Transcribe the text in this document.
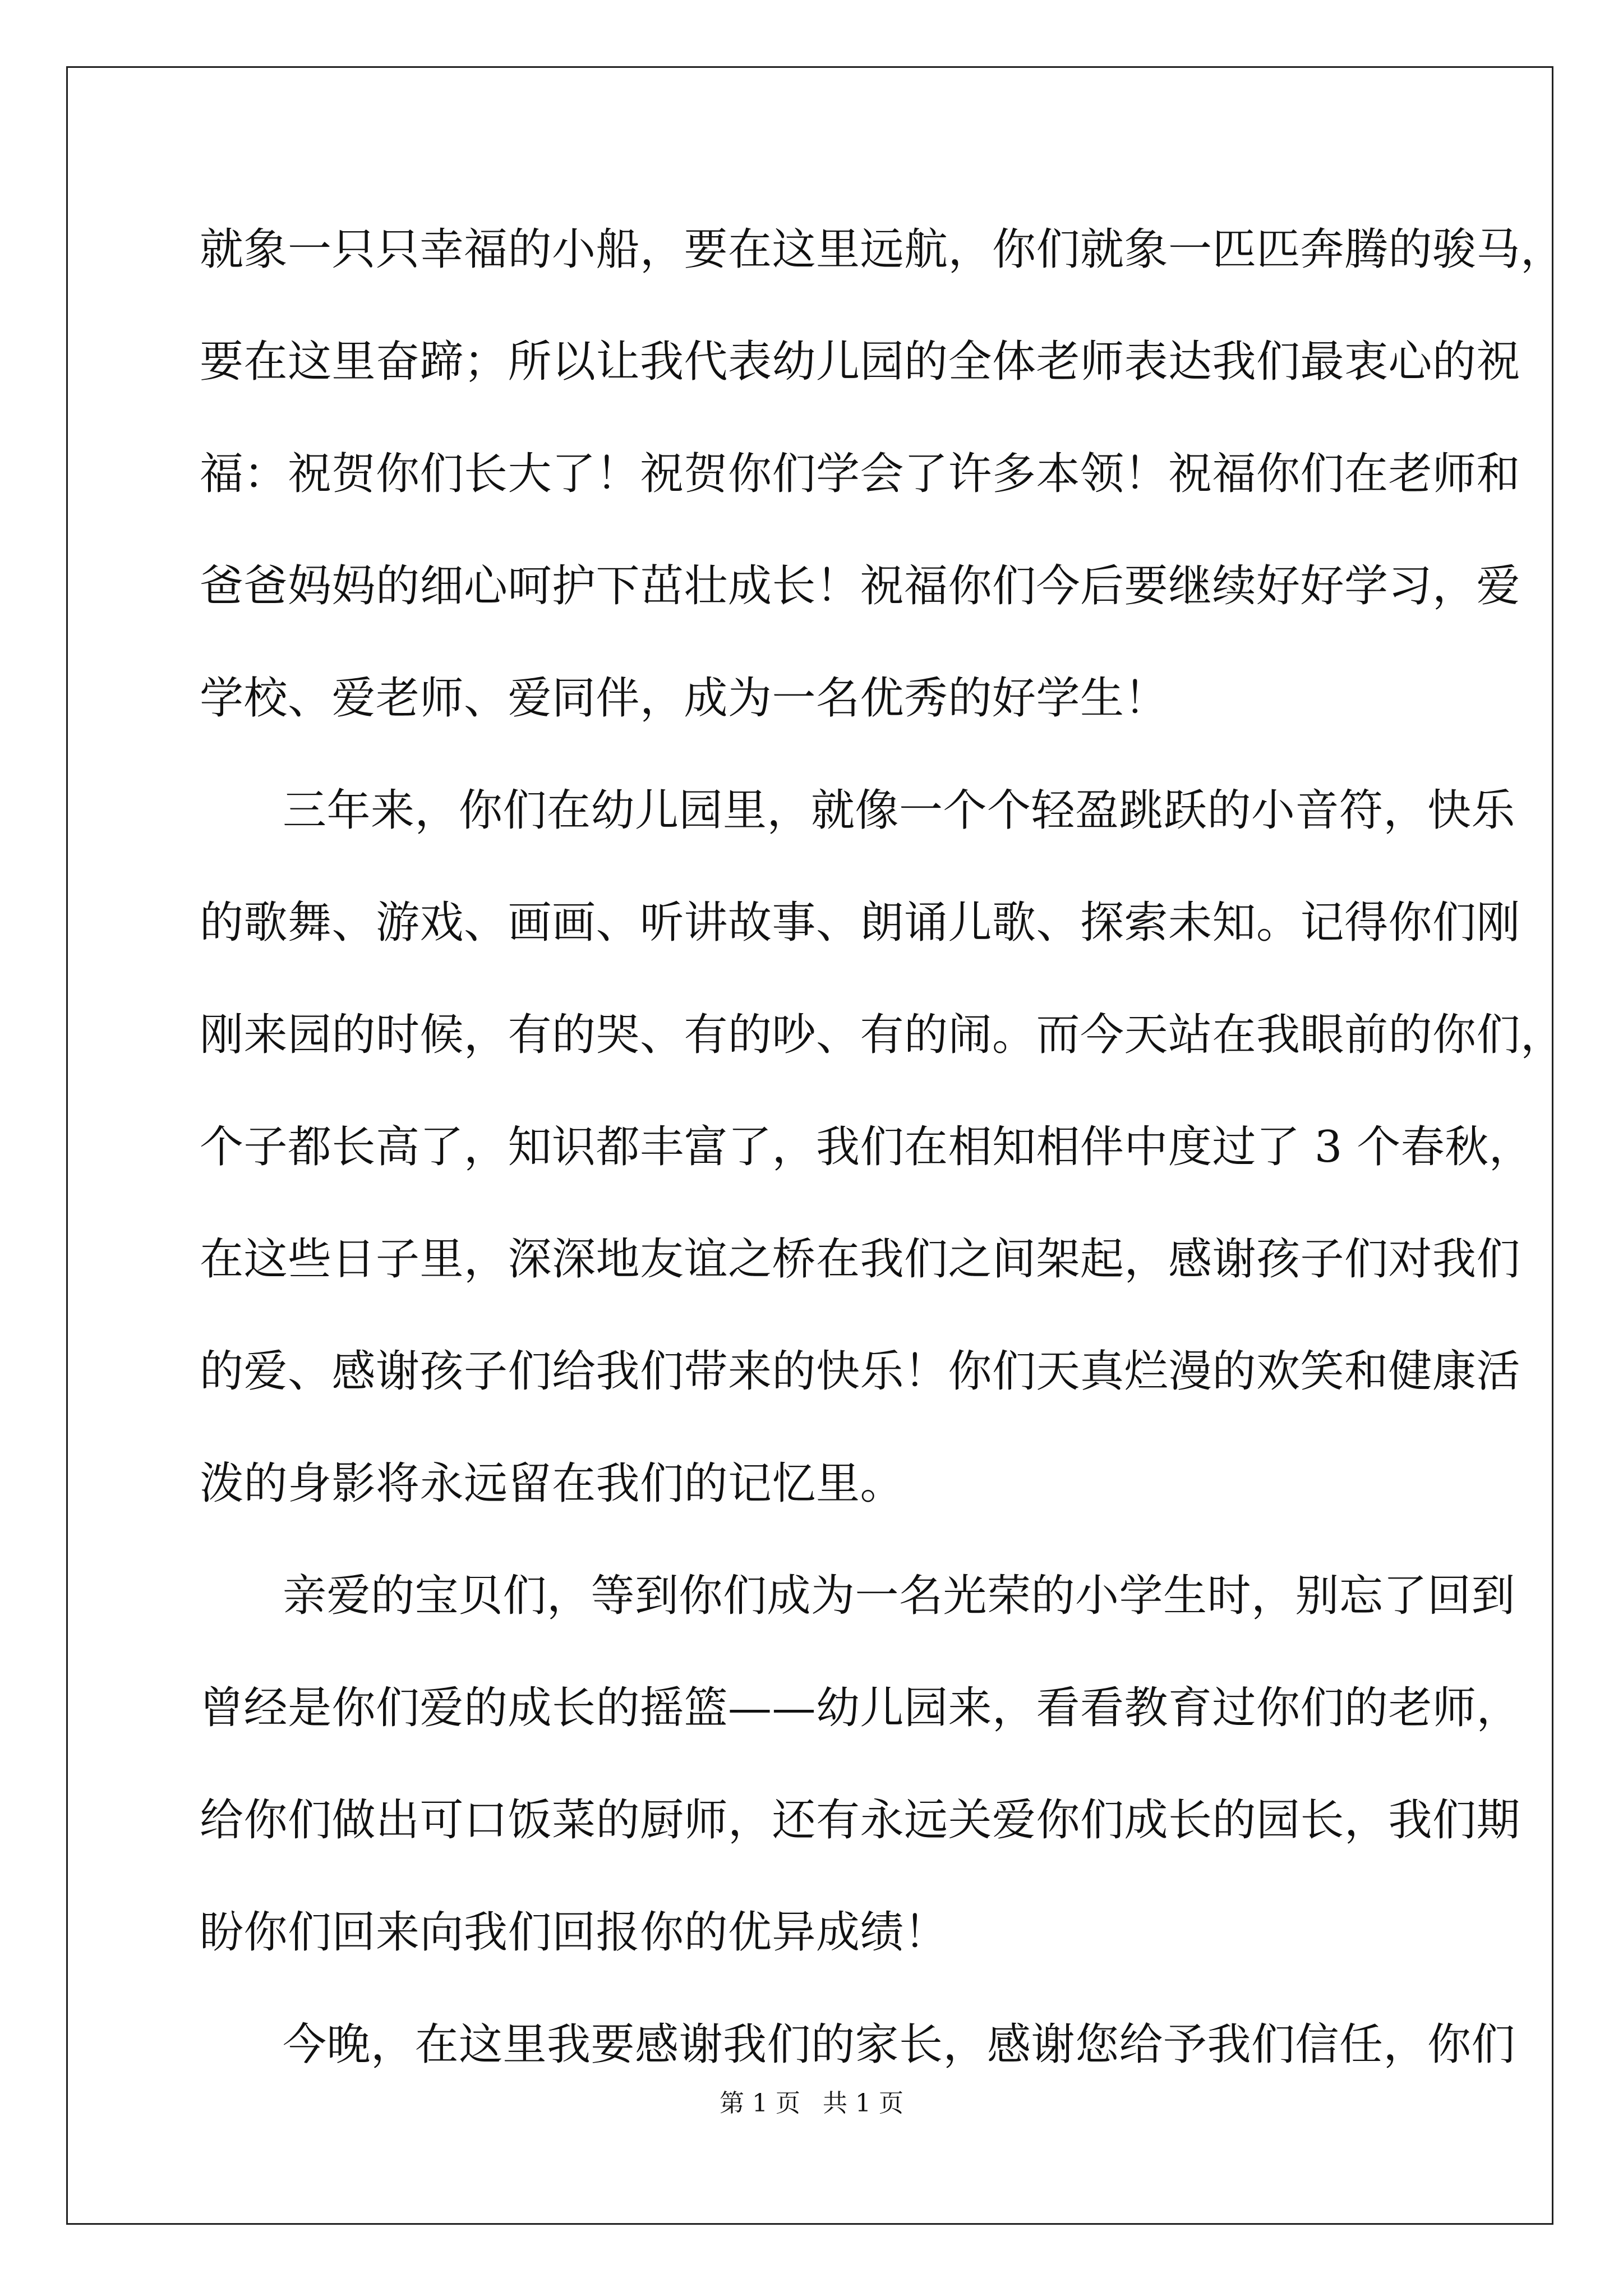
就象一只只幸福的小船，要在这里远航，你们就象一匹匹奔腾的骏马，
要在这里奋蹄；所以让我代表幼儿园的全体老师表达我们最衷心的祝
福：祝贺你们长大了！祝贺你们学会了许多本领！祝福你们在老师和
爸爸妈妈的细心呵护下茁壮成长！祝福你们今后要继续好好学习，爱
学校、爱老师、爱同伴，成为一名优秀的好学生！
三年来，你们在幼儿园里，就像一个个轻盈跳跃的小音符，快乐
的歌舞、游戏、画画、听讲故事、朗诵儿歌、探索未知。记得你们刚
刚来园的时候，有的哭、有的吵、有的闹。而今天站在我眼前的你们，
个子都长高了，知识都丰富了，我们在相知相伴中度过了 3 个春秋，
在这些日子里，深深地友谊之桥在我们之间架起，感谢孩子们对我们
的爱、感谢孩子们给我们带来的快乐！你们天真烂漫的欢笑和健康活
泼的身影将永远留在我们的记忆里。
亲爱的宝贝们，等到你们成为一名光荣的小学生时，别忘了回到
曾经是你们爱的成长的摇篮——幼儿园来，看看教育过你们的老师，
给你们做出可口饭菜的厨师，还有永远关爱你们成长的园长，我们期
盼你们回来向我们回报你的优异成绩！
今晚，在这里我要感谢我们的家长，感谢您给予我们信任，你们
第 1 页 共 1 页
